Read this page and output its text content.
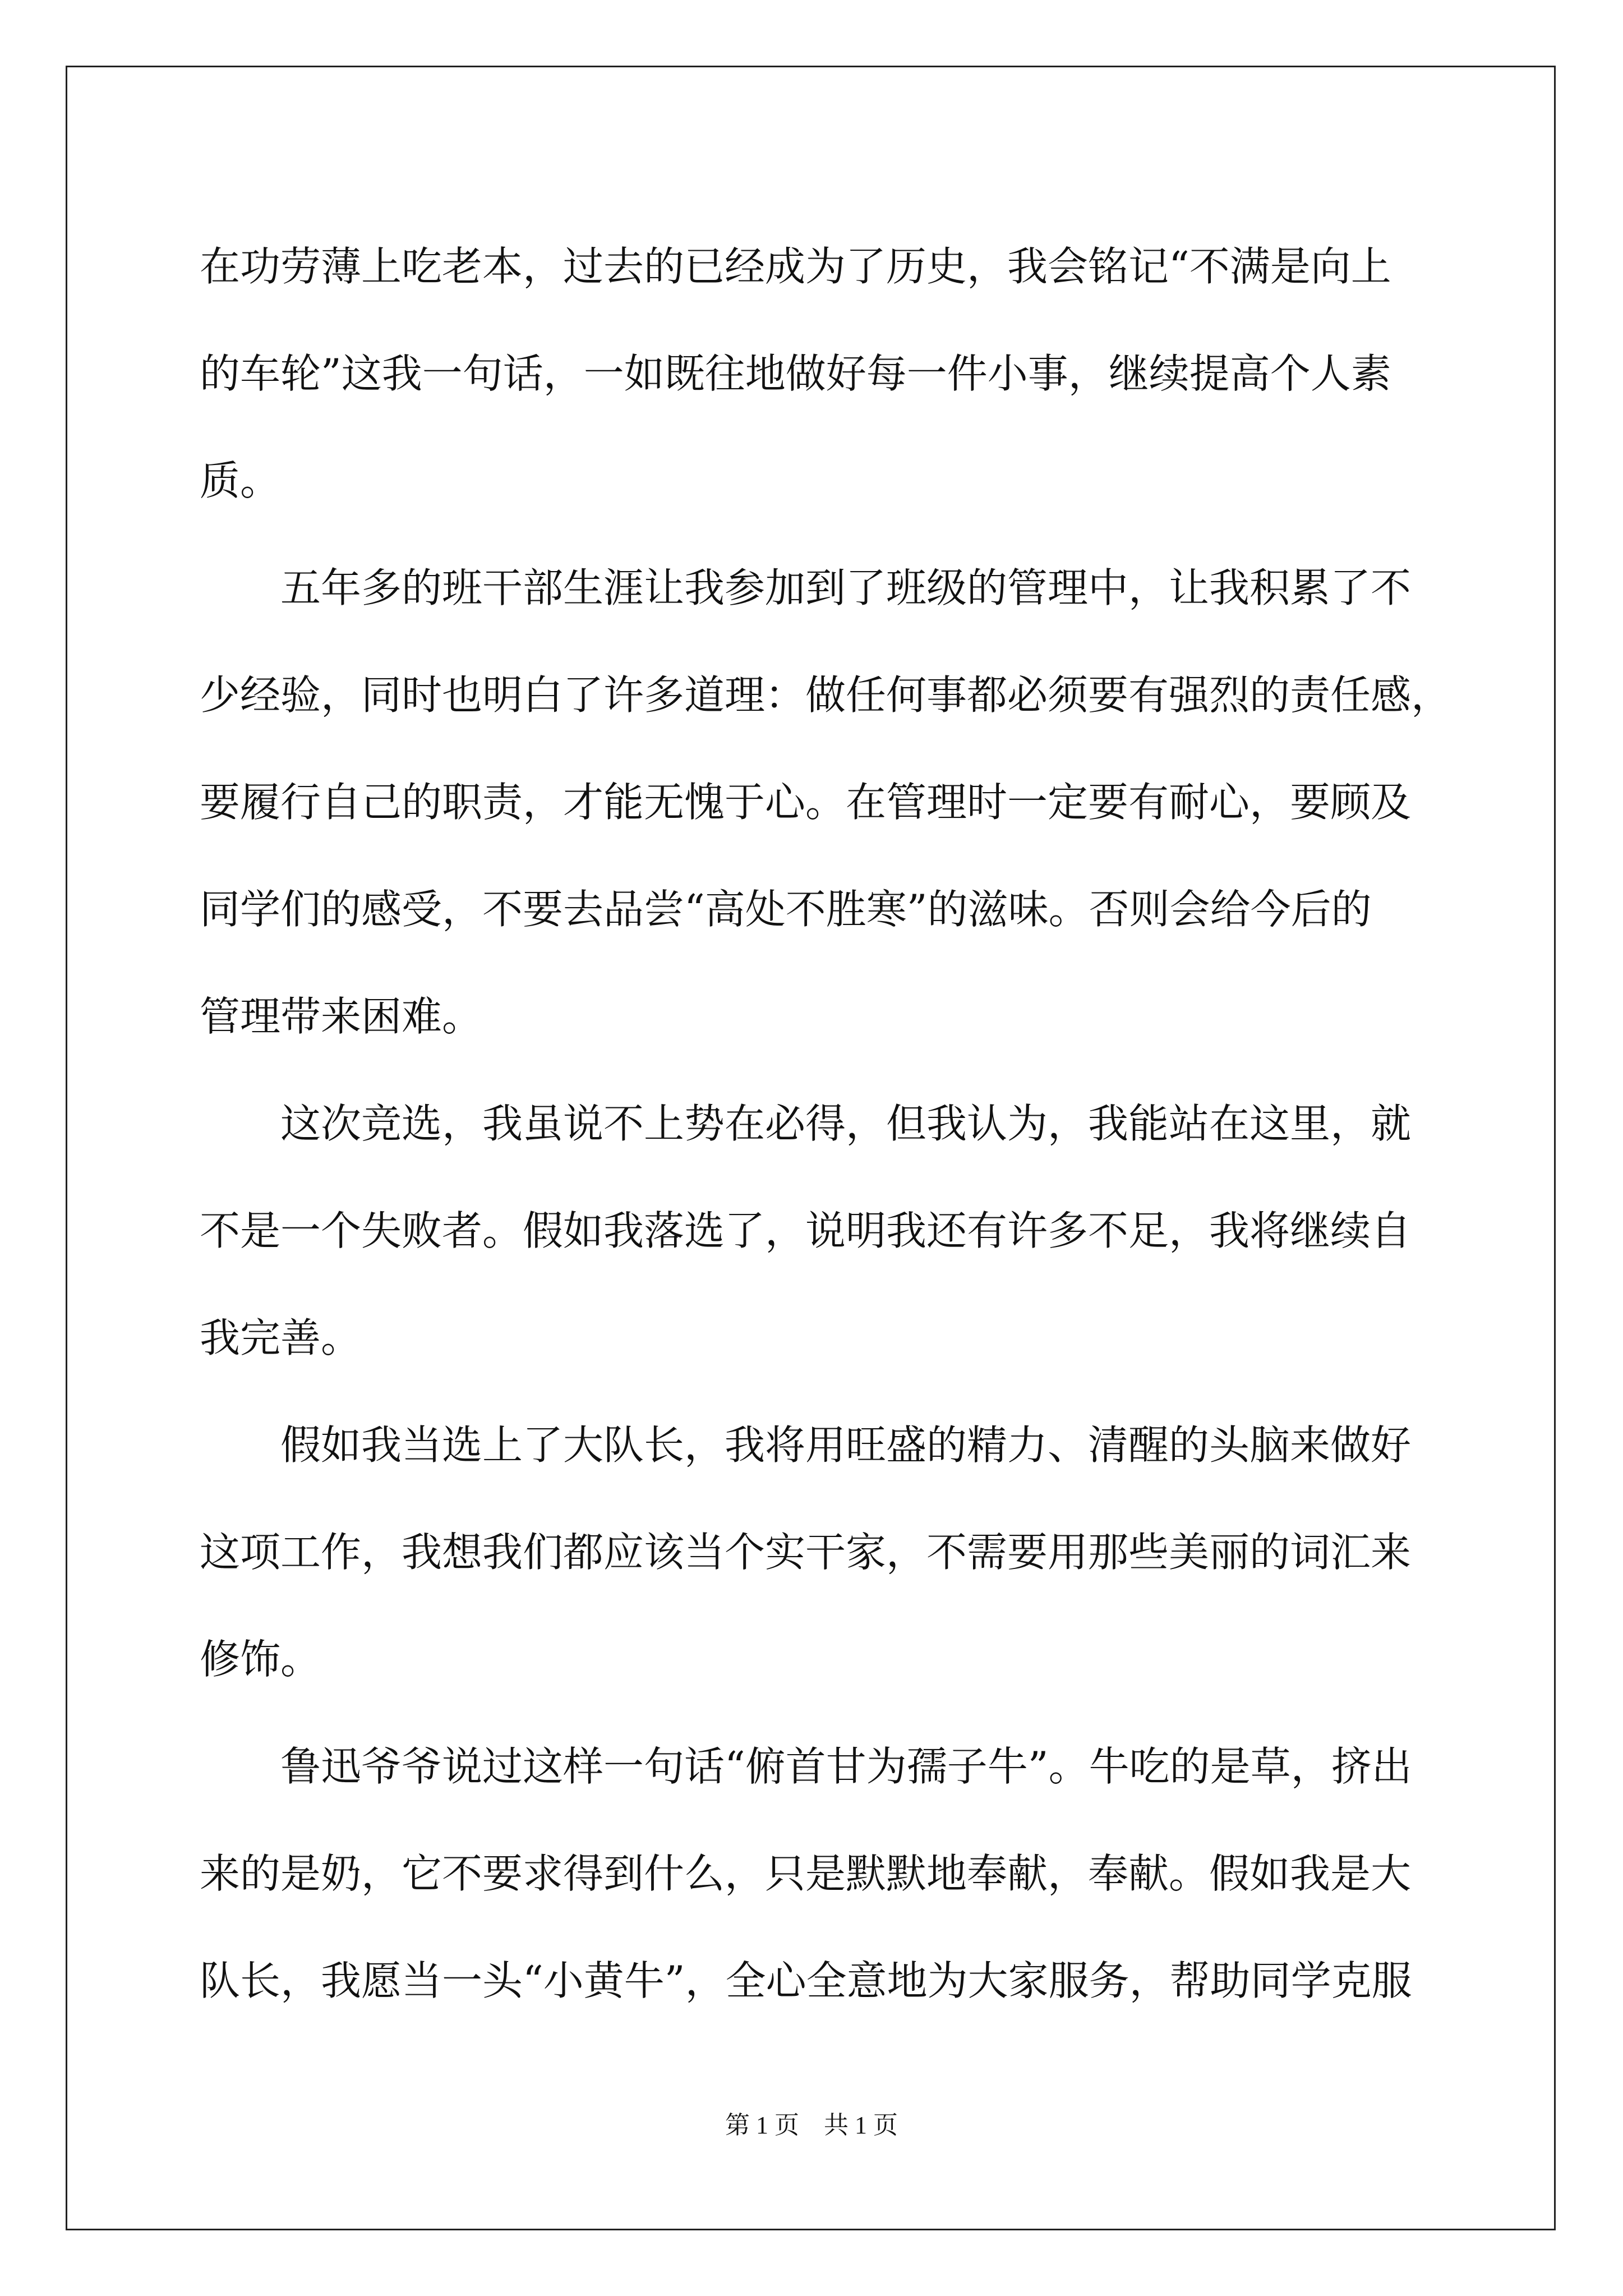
在功劳薄上吃老本，过去的已经成为了历史，我会铭记“不满是向上
的车轮”这我一句话，一如既往地做好每一件小事，继续提高个人素
质。
五年多的班干部生涯让我参加到了班级的管理中，让我积累了不
少经验，同时也明白了许多道理：做任何事都必须要有强烈的责任感，
要履行自己的职责，才能无愧于心。在管理时一定要有耐心，要顾及
同学们的感受，不要去品尝“高处不胜寒”的滋味。否则会给今后的
管理带来困难。
这次竞选，我虽说不上势在必得，但我认为，我能站在这里，就
不是一个失败者。假如我落选了，说明我还有许多不足，我将继续自
我完善。
假如我当选上了大队长，我将用旺盛的精力、清醒的头脑来做好
这项工作，我想我们都应该当个实干家，不需要用那些美丽的词汇来
修饰。
鲁迅爷爷说过这样一句话“俯首甘为孺子牛”。牛吃的是草，挤出
来的是奶，它不要求得到什么，只是默默地奉献，奉献。假如我是大
队长，我愿当一头“小黄牛”，全心全意地为大家服务，帮助同学克服
第 1 页    共 1 页
